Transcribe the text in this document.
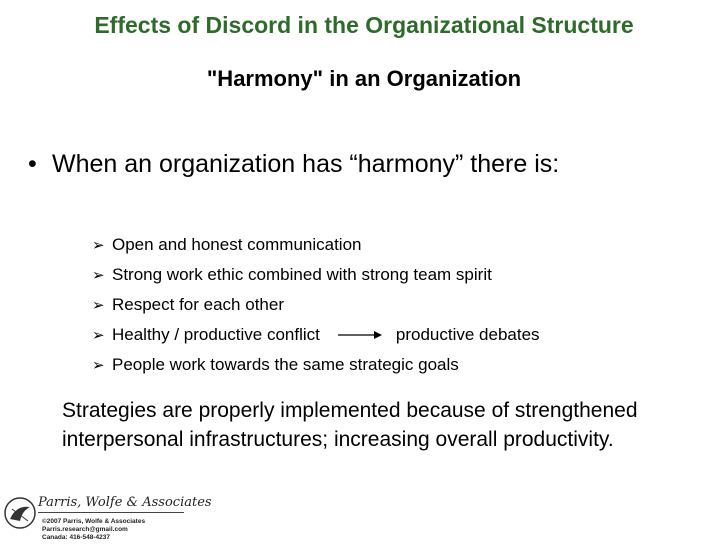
Effects of Discord in the Organizational Structure
"Harmony" in an Organization
• When an organization has “harmony” there is:
➢ Open and honest communication
➢ Strong work ethic combined with strong team spirit
➢ Respect for each other
➢ Healthy / productive conflict	productive debates
➢ People work towards the same strategic goals
Strategies are properly implemented because of strengthened interpersonal infrastructures; increasing overall productivity.
Parris, Wolfe & Associates
©2007 Parris, Wolfe & Associates
Parris.research@gmail.com
Canada: 416-548-4237
